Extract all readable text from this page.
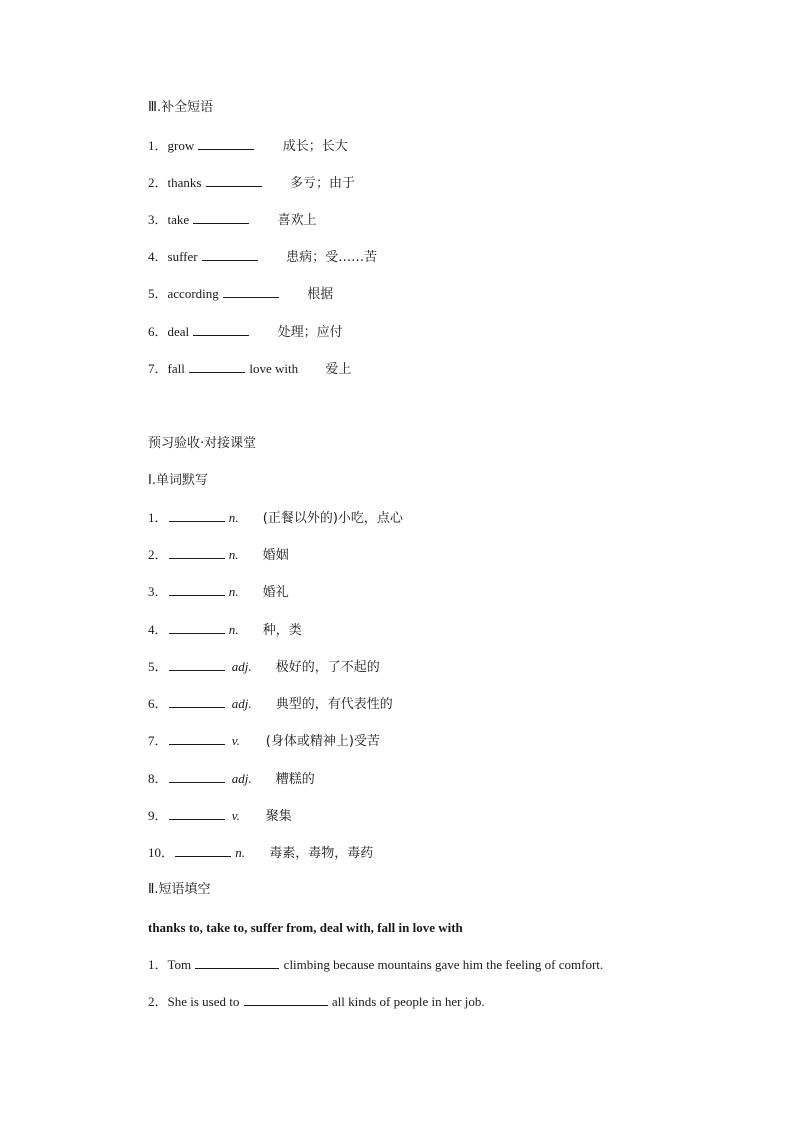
Ⅲ.补全短语
1．grow	成长；长大
2．thanks	多亏；由于
3．take	喜欢上
4．suffer	患病；受……苦
5．according	根据
6．deal	处理；应付
7．fall	love with 爱上
预习验收·对接课堂
Ⅰ.单词默写
1．	n. (正餐以外的)小吃，点心
2．	n. 婚姻
3．	n. 婚礼
4．	n. 种，类
5．	adj. 极好的，了不起的
6．	adj. 典型的，有代表性的
7．	v. (身体或精神上)受苦
8．	adj. 糟糕的
9．	v. 聚集
10．	n. 毒素，毒物，毒药
Ⅱ.短语填空
thanks to, take to, suffer from, deal with, fall in love with
1．Tom	climbing because mountains gave him the feeling of comfort.
2．She is used to	all kinds of people in her job.
